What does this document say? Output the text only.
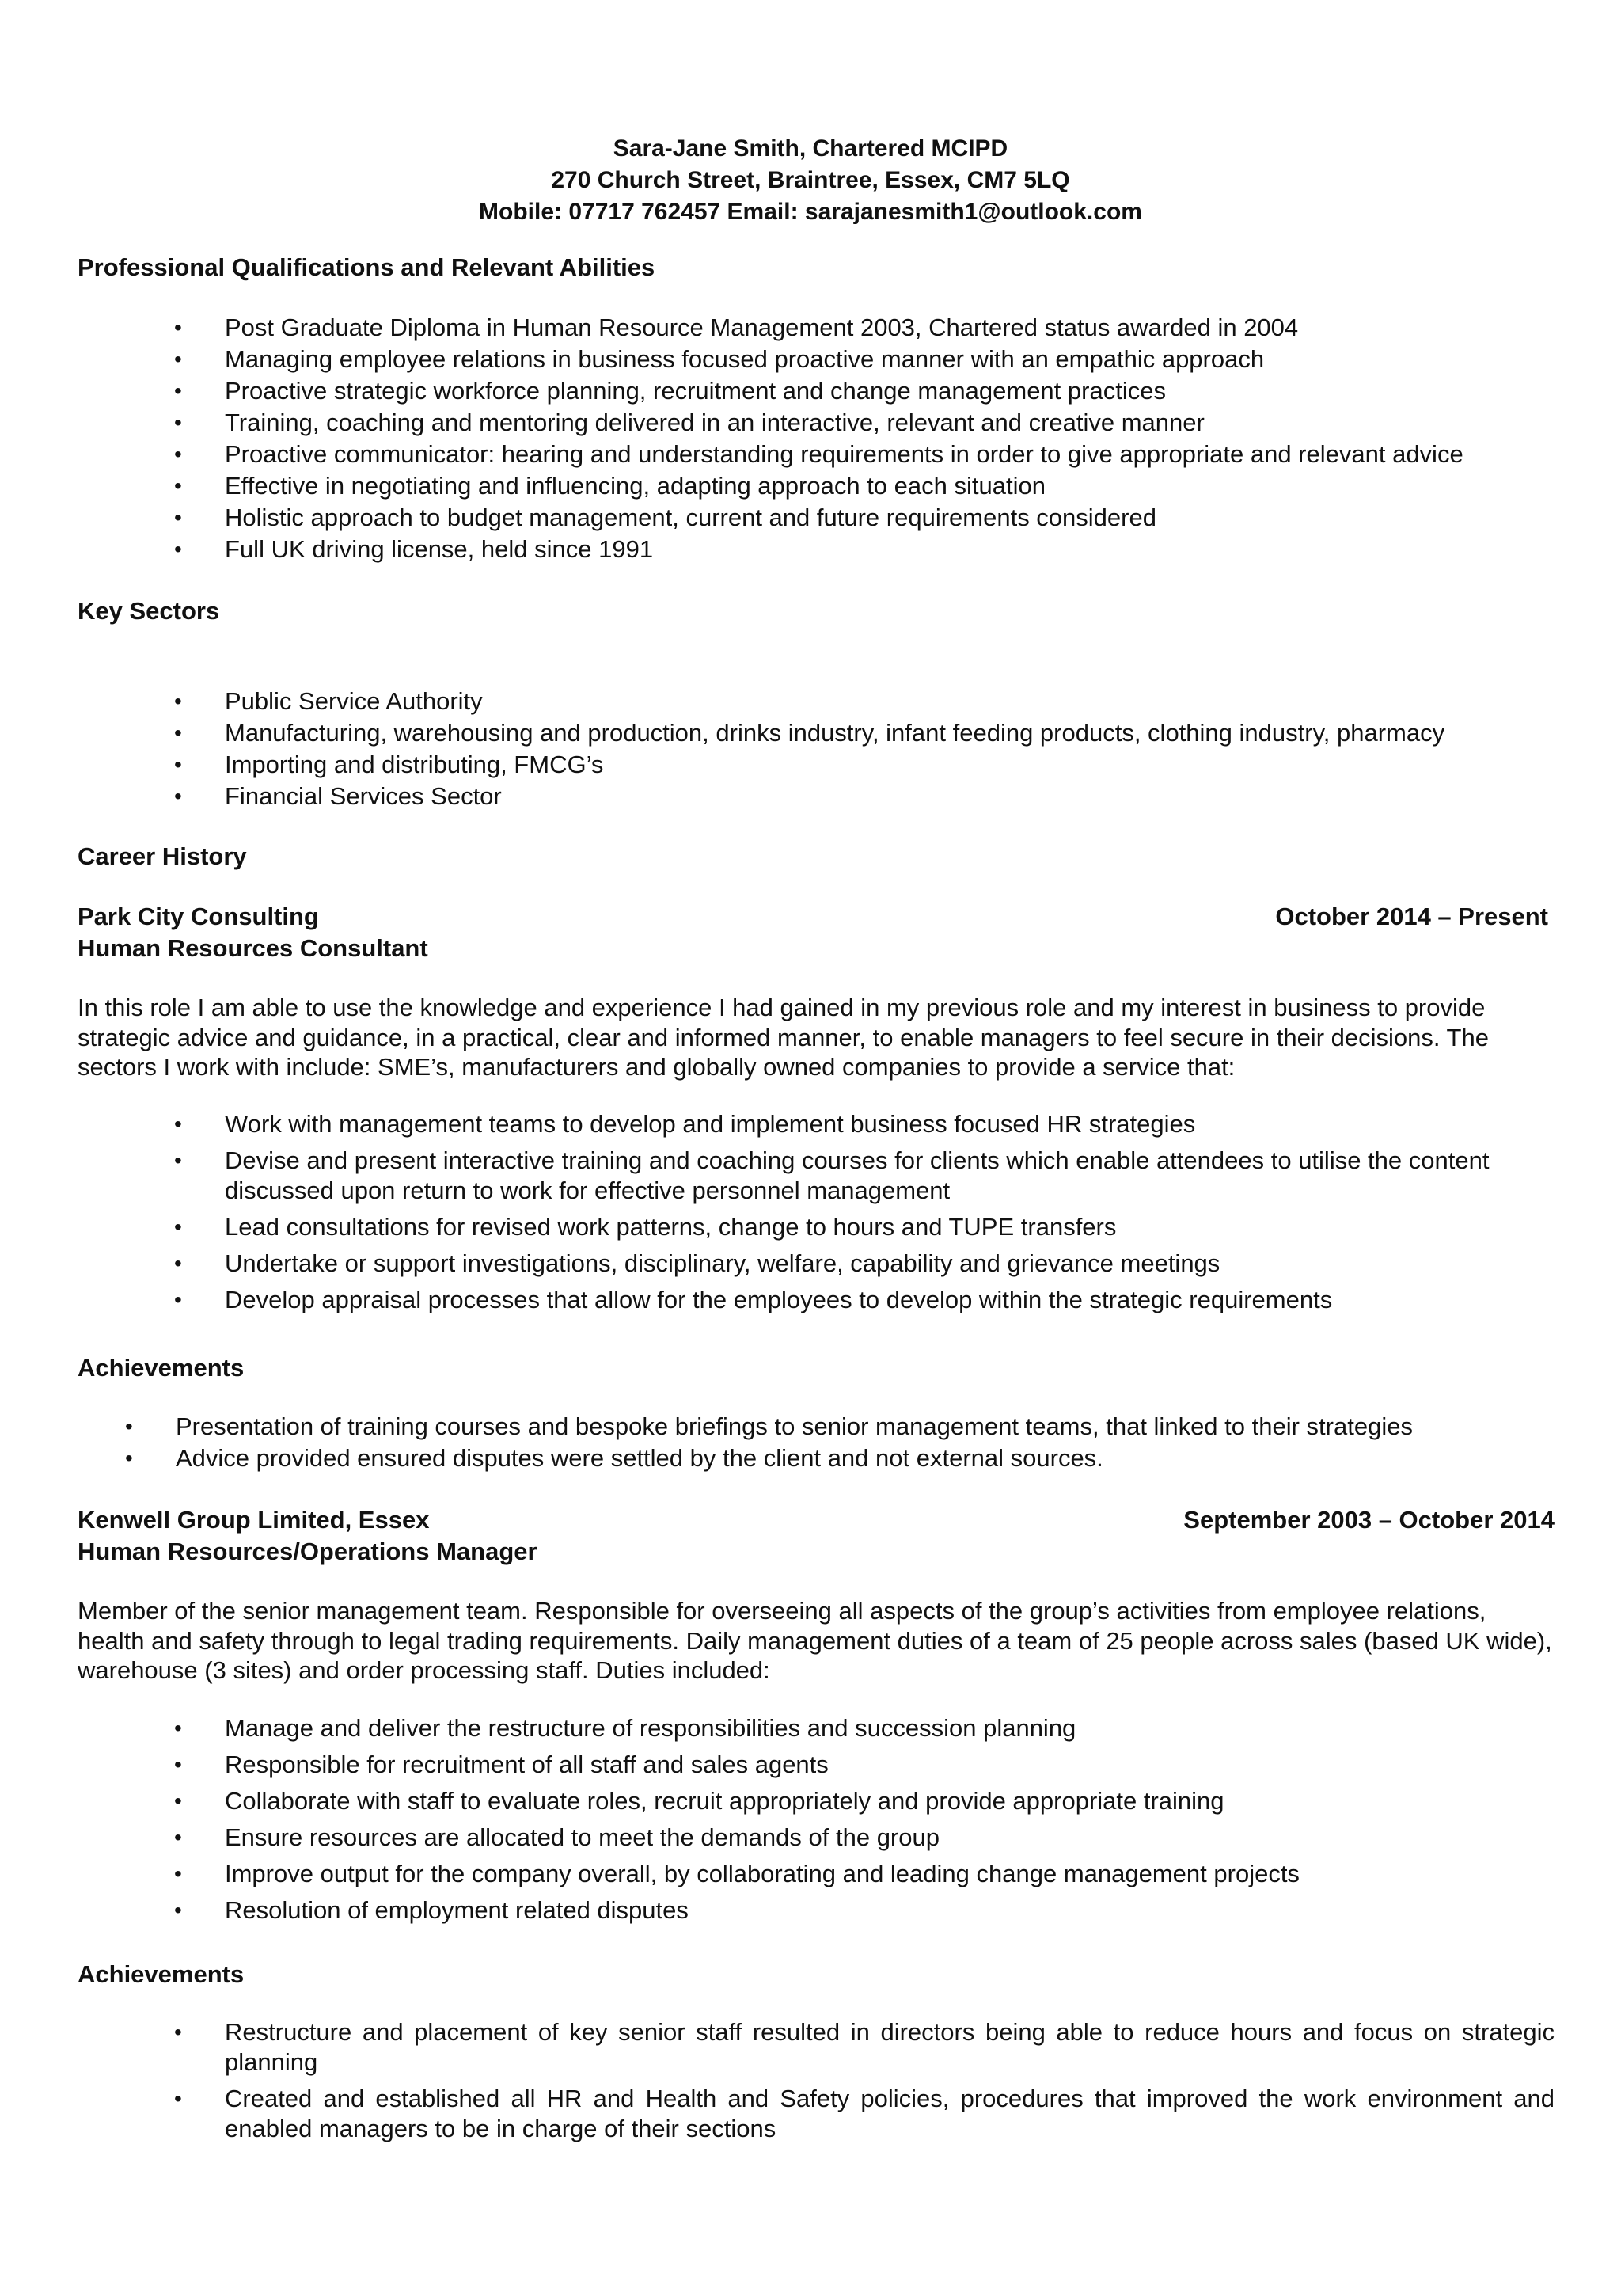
Sara-Jane Smith, Chartered MCIPD
270 Church Street, Braintree, Essex, CM7 5LQ
Mobile: 07717 762457 Email: sarajanesmith1@outlook.com
Professional Qualifications and Relevant Abilities
• Post Graduate Diploma in Human Resource Management 2003, Chartered status awarded in 2004
• Managing employee relations in business focused proactive manner with an empathic approach
• Proactive strategic workforce planning, recruitment and change management practices
• Training, coaching and mentoring delivered in an interactive, relevant and creative manner
• Proactive communicator: hearing and understanding requirements in order to give appropriate and relevant advice
• Effective in negotiating and influencing, adapting approach to each situation
• Holistic approach to budget management, current and future requirements considered
• Full UK driving license, held since 1991
Key Sectors
• Public Service Authority
• Manufacturing, warehousing and production, drinks industry, infant feeding products, clothing industry, pharmacy
• Importing and distributing, FMCG’s
• Financial Services Sector
Career History
Park City Consulting	October 2014 – Present
Human Resources Consultant
In this role I am able to use the knowledge and experience I had gained in my previous role and my interest in business to provide strategic advice and guidance, in a practical, clear and informed manner, to enable managers to feel secure in their decisions. The sectors I work with include: SME’s, manufacturers and globally owned companies to provide a service that:
• Work with management teams to develop and implement business focused HR strategies
• Devise and present interactive training and coaching courses for clients which enable attendees to utilise the content discussed upon return to work for effective personnel management
• Lead consultations for revised work patterns, change to hours and TUPE transfers
• Undertake or support investigations, disciplinary, welfare, capability and grievance meetings
• Develop appraisal processes that allow for the employees to develop within the strategic requirements
Achievements
• Presentation of training courses and bespoke briefings to senior management teams, that linked to their strategies
• Advice provided ensured disputes were settled by the client and not external sources.
Kenwell Group Limited, Essex	September 2003 – October 2014
Human Resources/Operations Manager
Member of the senior management team. Responsible for overseeing all aspects of the group’s activities from employee relations, health and safety through to legal trading requirements. Daily management duties of a team of 25 people across sales (based UK wide), warehouse (3 sites) and order processing staff. Duties included:
• Manage and deliver the restructure of responsibilities and succession planning
• Responsible for recruitment of all staff and sales agents
• Collaborate with staff to evaluate roles, recruit appropriately and provide appropriate training
• Ensure resources are allocated to meet the demands of the group
• Improve output for the company overall, by collaborating and leading change management projects
• Resolution of employment related disputes
Achievements
• Restructure and placement of key senior staff resulted in directors being able to reduce hours and focus on strategic planning
• Created and established all HR and Health and Safety policies, procedures that improved the work environment and enabled managers to be in charge of their sections
